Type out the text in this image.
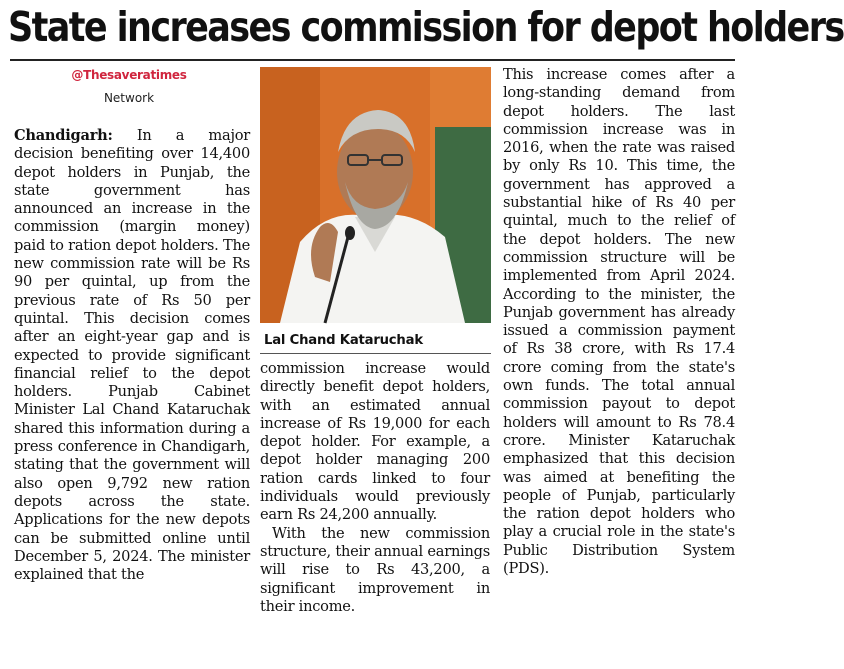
State increases commission for depot holders
@Thesaveratimes
Network

Chandigarh: In a major decision benefiting over 14,400 depot holders in Punjab, the state government has announced an increase in the commission (margin money) paid to ration depot holders. The new commission rate will be Rs 90 per quintal, up from the previous rate of Rs 50 per quintal. This decision comes after an eight-year gap and is expected to provide significant financial relief to the depot holders. Punjab Cabinet Minister Lal Chand Kataruchak shared this information during a press conference in Chandigarh, stating that the government will also open 9,792 new ration depots across the state. Applications for the new depots can be submitted online until December 5, 2024. The minister explained that the

Lal Chand Kataruchak

commission increase would directly benefit depot holders, with an estimated annual increase of Rs 19,000 for each depot holder. For example, a depot holder managing 200 ration cards linked to four individuals would previously earn Rs 24,200 annually.

With the new commission structure, their annual earnings will rise to Rs 43,200, a significant improvement in their income.

This increase comes after a long-standing demand from depot holders. The last commission increase was in 2016, when the rate was raised by only Rs 10. This time, the government has approved a substantial hike of Rs 40 per quintal, much to the relief of the depot holders. The new commission structure will be implemented from April 2024. According to the minister, the Punjab government has already issued a commission payment of Rs 38 crore, with Rs 17.4 crore coming from the state's own funds. The total annual commission payout to depot holders will amount to Rs 78.4 crore. Minister Kataruchak emphasized that this decision was aimed at benefiting the people of Punjab, particularly the ration depot holders who play a crucial role in the state's Public Distribution System (PDS).
